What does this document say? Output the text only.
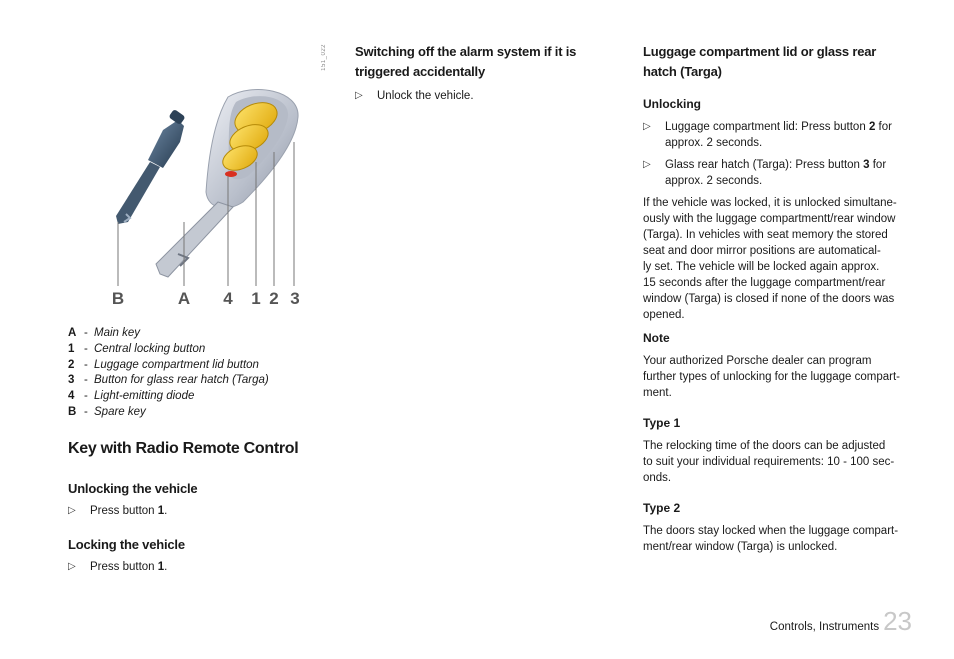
151_022
B	A 4 1 2 3
A - Main key
1 - Central locking button
2 - Luggage compartment lid button
3 - Button for glass rear hatch (Targa)
4 - Light-emitting diode
B - Spare key
Key with Radio Remote Control
Unlocking the vehicle
▷	Press button 1.
Locking the vehicle
▷	Press button 1.
Switching off the alarm system if it is
triggered accidentally
▷	Unlock the vehicle.
Luggage compartment lid or glass rear
hatch (Targa)
Unlocking
▷	Luggage compartment lid: Press button 2 for approx. 2 seconds.
▷	Glass rear hatch (Targa): Press button 3 for approx. 2 seconds.

If the vehicle was locked, it is unlocked simultane-
ously with the luggage compartmentt/rear window
(Targa). In vehicles with seat memory the stored
seat and door mirror positions are automatical-
ly set. The vehicle will be locked again approx.
15 seconds after the luggage compartment/rear
window (Targa) is closed if none of the doors was
opened.

Note

Your authorized Porsche dealer can program
further types of unlocking for the luggage compart-
ment.

Type 1

The relocking time of the doors can be adjusted
to suit your individual requirements: 10 - 100 sec-
onds.

Type 2

The doors stay locked when the luggage compart-
ment/rear window (Targa) is unlocked.

Controls, Instruments 23
